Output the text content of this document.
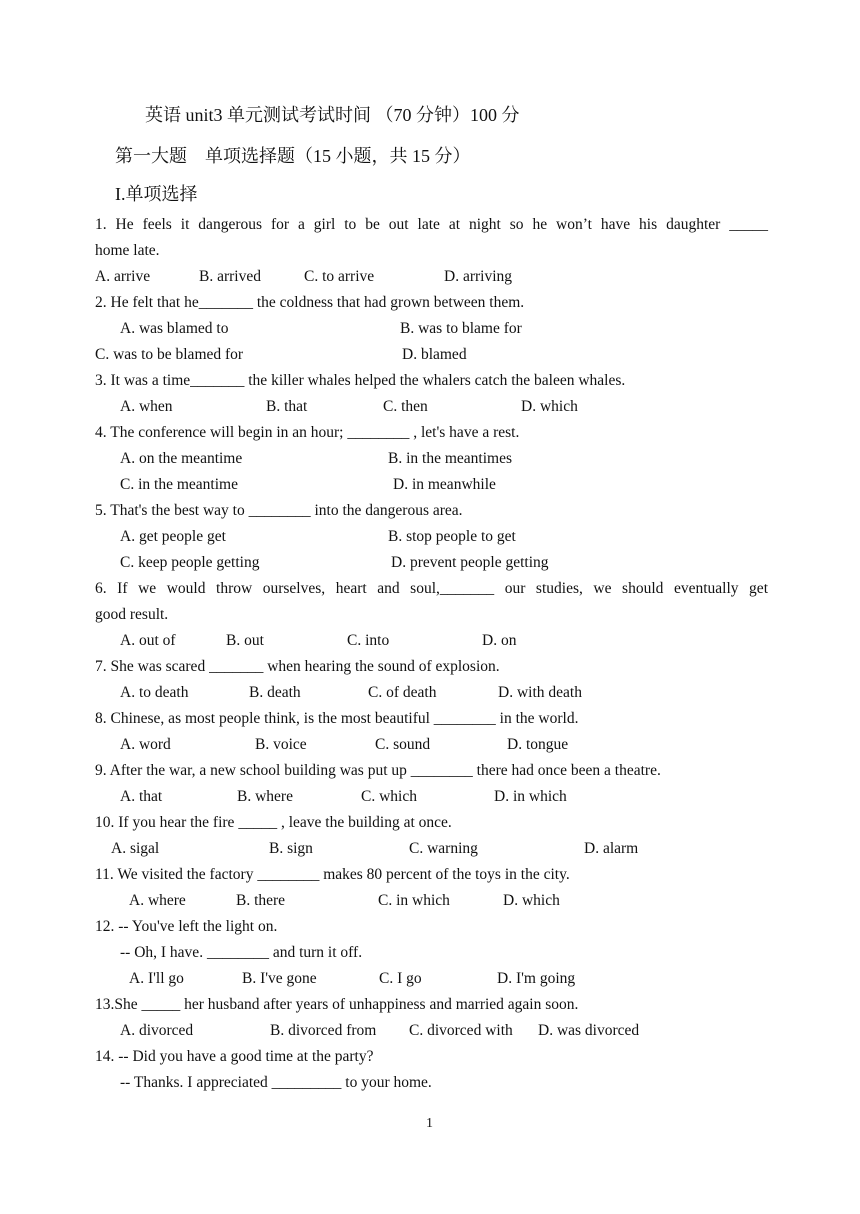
英语 unit3 单元测试考试时间 （70 分钟）100 分
第一大题　单项选择题（15 小题，共 15 分）
I.单项选择
1. He feels it dangerous for a girl to be out late at night so he won’t have his daughter _____
home late.
A. arrive	B. arrived	C. to arrive	D. arriving
2. He felt that he_______ the coldness that had grown between them.
A. was blamed to	B. was to blame for
C. was to be blamed for	D. blamed
3. It was a time_______ the killer whales helped the whalers catch the baleen whales.
A. when	B. that	C. then	D. which
4. The conference will begin in an hour; ________ , let's have a rest.
A. on the meantime	B. in the meantimes
C. in the meantime	D. in meanwhile
5. That's the best way to ________ into the dangerous area.
A. get people get	B. stop people to get
C. keep people getting	D. prevent people getting
6. If we would throw ourselves, heart and soul,_______ our studies, we should eventually get
good result.
A. out of	B. out	C. into	D. on
7. She was scared _______ when hearing the sound of explosion.
A. to death	B. death	C. of death	D. with death
8. Chinese, as most people think, is the most beautiful ________ in the world.
A. word	B. voice	C. sound	D. tongue
9. After the war, a new school building was put up ________ there had once been a theatre.
A. that	B. where	C. which	D. in which
10. If you hear the fire _____ , leave the building at once.
A. sigal	B. sign	C. warning	D. alarm
11. We visited the factory ________ makes 80 percent of the toys in the city.
A. where	B. there	C. in which	D. which
12. -- You've left the light on.
-- Oh, I have. ________ and turn it off.
A. I'll go	B. I've gone	C. I go	D. I'm going
13.She _____ her husband after years of unhappiness and married again soon.
A. divorced	B. divorced from C. divorced with D. was divorced
14. -- Did you have a good time at the party?
-- Thanks. I appreciated _________ to your home.
1
